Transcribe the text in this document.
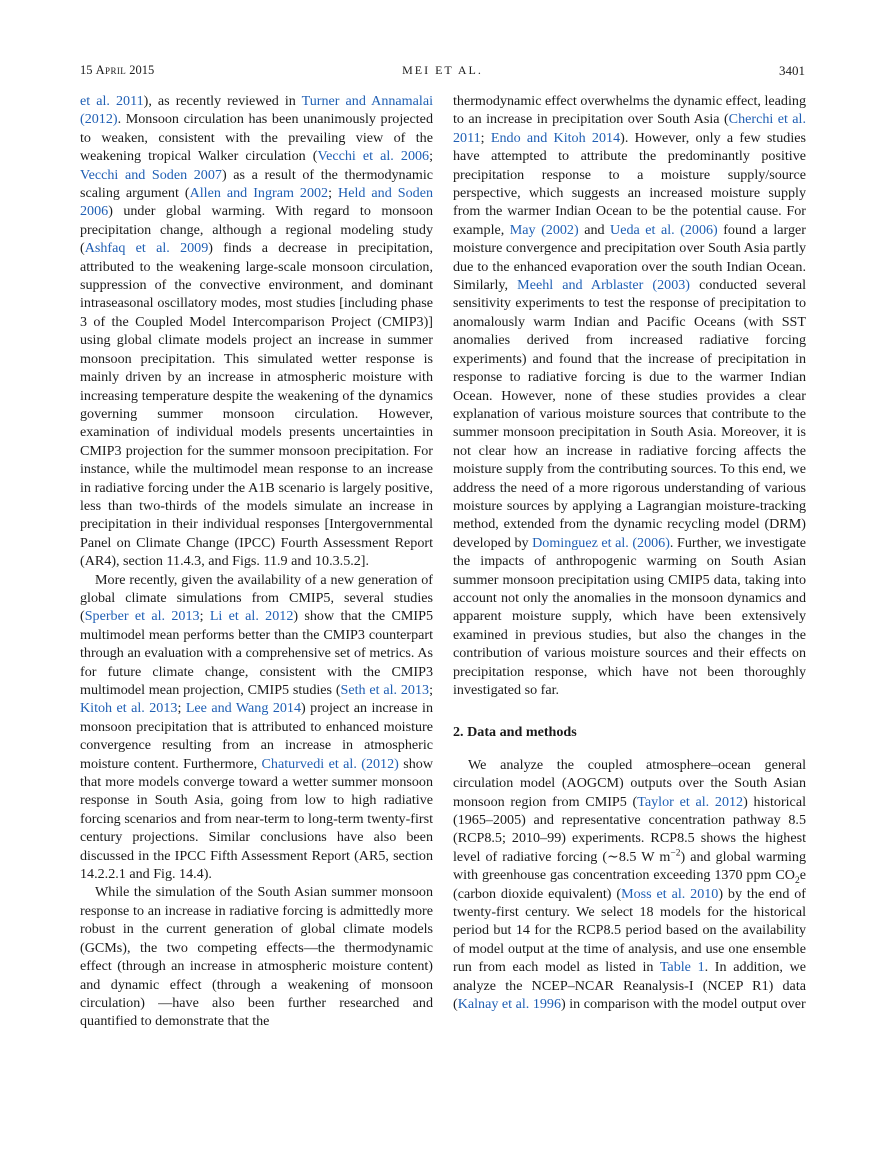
15 April 2015	MEI ET AL.	3401

et al. 2011), as recently reviewed in Turner and Annamalai (2012). Monsoon circulation has been unanimously projected to weaken, consistent with the prevailing view of the weakening tropical Walker circulation (Vecchi et al. 2006; Vecchi and Soden 2007) as a result of the thermodynamic scaling argument (Allen and Ingram 2002; Held and Soden 2006) under global warming. With regard to monsoon precipitation change, although a regional modeling study (Ashfaq et al. 2009) finds a decrease in precipitation, attributed to the weakening large-scale monsoon circulation, suppression of the convective environment, and dominant intraseasonal oscillatory modes, most studies [including phase 3 of the Coupled Model Intercomparison Project (CMIP3)] using global climate models project an increase in summer monsoon precipitation. This simulated wetter response is mainly driven by an increase in atmospheric moisture with increasing temperature despite the weakening of the dynamics governing summer monsoon circulation. However, examination of individual models presents uncertainties in CMIP3 projection for the summer monsoon precipitation. For instance, while the multimodel mean response to an increase in radiative forcing under the A1B scenario is largely positive, less than two-thirds of the models simulate an increase in precipitation in their individual responses [Intergovernmental Panel on Climate Change (IPCC) Fourth Assessment Report (AR4), section 11.4.3, and Figs. 11.9 and 10.3.5.2].

More recently, given the availability of a new generation of global climate simulations from CMIP5, several studies (Sperber et al. 2013; Li et al. 2012) show that the CMIP5 multimodel mean performs better than the CMIP3 counterpart through an evaluation with a comprehensive set of metrics. As for future climate change, consistent with the CMIP3 multimodel mean projection, CMIP5 studies (Seth et al. 2013; Kitoh et al. 2013; Lee and Wang 2014) project an increase in monsoon precipitation that is attributed to enhanced moisture convergence resulting from an increase in atmospheric moisture content. Furthermore, Chaturvedi et al. (2012) show that more models converge toward a wetter summer monsoon response in South Asia, going from low to high radiative forcing scenarios and from near-term to long-term twenty-first century projections. Similar conclusions have also been discussed in the IPCC Fifth Assessment Report (AR5, section 14.2.2.1 and Fig. 14.4).

While the simulation of the South Asian summer monsoon response to an increase in radiative forcing is admittedly more robust in the current generation of global climate models (GCMs), the two competing effects—the thermodynamic effect (through an increase in atmospheric moisture content) and dynamic effect (through a weakening of monsoon circulation) —have also been further researched and quantified to demonstrate that the

thermodynamic effect overwhelms the dynamic effect, leading to an increase in precipitation over South Asia (Cherchi et al. 2011; Endo and Kitoh 2014). However, only a few studies have attempted to attribute the predominantly positive precipitation response to a moisture supply/source perspective, which suggests an increased moisture supply from the warmer Indian Ocean to be the potential cause. For example, May (2002) and Ueda et al. (2006) found a larger moisture convergence and precipitation over South Asia partly due to the enhanced evaporation over the south Indian Ocean. Similarly, Meehl and Arblaster (2003) conducted several sensitivity experiments to test the response of precipitation to anomalously warm Indian and Pacific Oceans (with SST anomalies derived from increased radiative forcing experiments) and found that the increase of precipitation in response to radiative forcing is due to the warmer Indian Ocean. However, none of these studies provides a clear explanation of various moisture sources that contribute to the summer monsoon precipitation in South Asia. Moreover, it is not clear how an increase in radiative forcing affects the moisture supply from the contributing sources. To this end, we address the need of a more rigorous understanding of various moisture sources by applying a Lagrangian moisture-tracking method, extended from the dynamic recycling model (DRM) developed by Dominguez et al. (2006). Further, we investigate the impacts of anthropogenic warming on South Asian summer monsoon precipitation using CMIP5 data, taking into account not only the anomalies in the monsoon dynamics and apparent moisture supply, which have been extensively examined in previous studies, but also the changes in the contribution of various moisture sources and their effects on precipitation response, which have not been thoroughly investigated so far.

2. Data and methods

We analyze the coupled atmosphere–ocean general circulation model (AOGCM) outputs over the South Asian monsoon region from CMIP5 (Taylor et al. 2012) historical (1965–2005) and representative concentration pathway 8.5 (RCP8.5; 2010–99) experiments. RCP8.5 shows the highest level of radiative forcing (∼8.5 W $m^{-2}$) and global warming with greenhouse gas concentration exceeding 1370 ppm $CO_2e$ (carbon dioxide equivalent) (Moss et al. 2010) by the end of twenty-first century. We select 18 models for the historical period but 14 for the RCP8.5 period based on the availability of model output at the time of analysis, and use one ensemble run from each model as listed in Table 1. In addition, we analyze the NCEP–NCAR Reanalysis-I (NCEP R1) data (Kalnay et al. 1996) in comparison with the model output over
